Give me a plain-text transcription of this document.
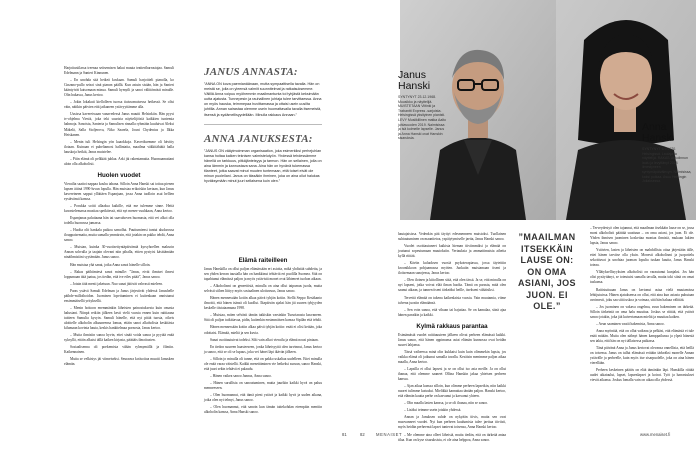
Harjoitustilassa treenaa seitsemisen hakui muuta teatteriharrastajaa. Samuli Edelmann ja Santeri Kinnunen.

– En unohda sitä hetkeä koskaan. Samuli harjoitteli pianolla, ko Cinzano-pullo seisoi sinä pianon päällä. Kun astuin sisään, hän ja Santeri kääntyivät katsomaan minua. Samuli hymyili ja sanoi välittömästi minulle. Olin hukassa, Janus kertoo.

– Jokin lokakuti kiellolleen tuossa tiaissomaisessa hetkessä. Se olisi väin, näitkin päivien että jatkaneen ystävyyttämme alla.

Uusissa kavereissaan vanavedessä Janus muutti Helsinkiin. Hän pyysi tv-ohjelma Viestit, joka teki suurista näyttelijöistä kaikkien tuntemia hahmoja. Sanoista, Santeria ja Samulisen rinnalla ryhmään kuuluivat Aleksi Mäkelä, Salla Stoljerova, Niko Saarela, Jouni Chydenius ja Ilkka Heiskanen.

– Menin tuli Helsingin yön kaaokkoja. Kaveriksemme oli hävitty ilotaan. Kuinaan ei puheltamosi hallintatta, maailma väkkitähtäiä halla hauskoja hetkiä, Janus muistelee.

– Piiin elämä oli pelkkää juhlaa. Arki jäi rakentamatta. Huomaamattani aloin olla alkoholisti.

Huolen vuodet

Vierailta saattoi nappaa kouhu tabana. Silloin Anna Hanski sai tottua pienen lapsen äitinä 1990-luvun lopulla. Hän muistaa erikoiskin kertaan, kun Janus kavereineen sappui yllättäen Espanjaan, jossa Anna tuolloin asui hellien eystävänsä kanssa.

– Porukka soitti allaaksa kaikille, että me tulemme sinne. Heitä kuvastelemassa mustiaa spetkitessä, että nyt menee vuuhkaan, Anna kertoo.

Espanjanaa paluttaana hän tai saavuhoven huomasta, että vei alkoi olla todella huonossa jamassa.

– Huolta olit hankala paikoa samollut. Puuttumiensi tuntui aludarossa ilouppaisemaita, mutta samalla ymmärsin, että jotakin on pakko tehdä, Anna sanoo.

– Muistan, kuinka 30-vuotisettyntäpäivämiä kyrsyhoellen maksoin Annan sohvalla ja taajain olevani niin pihalla, ettien pystyisi käsittämään ninäihmisiäni syytämään. Janus sanoo.

Hän muistaa yhä sanat, jotka Anna sanoi hänelle silloin.

– Rakas päihiimiesä sanoi minulle: ”Janus, eivät ihmiset ilmesi loppumaan tätä jaatua, jos tiedän, että ive eiles pitää”, Janus sanoo.

– Jotain tätä menti jaketuun. Nuo sanat jättivät vahvasti mieleen.

Paras ystävä Samuli Edelman ja Janus järjestivät yhdessä Janushelle päihde-milloihoidon. Juominen lopettuminen ei kuitenkaan onnistunut ensimmäisellä yrityksellä.

– Menin hoitoon enemmänkin läheisten painostuksesta kuin omasta halustani. Niinpä retkiin jälkeen kesti vielä vuosia ennen kuin raittiaana taitteen Samulia kysyin. Samuli hänelle, että nyt pitää tuosta, oikeis aloittelle alkoholin alkuuneensa lomaa, ettäin sanoi alkoholista keskitästa kilumaan kovinta hauta, keskis hankitelmaa pornosta, Janus kertoo.

– Mutta ihmisiin sanoa hyvin, ettei sinää voida sanoa ja pyytää enää syksyllä, ettäin alkaisi tällä kaiken kirjasta, päättäis ilmoitusten.

Sosiaalisenna oli poekemista vähän ryhmymällä ja filmiin. Kaikennainen.

Mutta se velkistys jäi viimeiseksi. Seuraava kotisoitoa muutti Janusken elämän.

JANUS ANNASTA:

”ANNA ON kova paemianäänaan, mutta sympaattisella tavalla. Hän on meistä se, jolla on yleensä valmiit suunnitelmat ja ratkaisuksemme. Välillä Anna voipuu myöhemmin maailmantunta toi tyhjästä keksimään uutta ajatusta. Tunnepesin ja rauhallinen juhtaja tulee tarvittaessa. Anna on myös hauska, teimmepaa huvittamassa ja ottaisi usein uusilta juhtilla. Annan sairastaa olemme usein huomattavalla tavalla itsemeistä, itsensä ja sydämellisyydellään. Minulla rakkaus Annaan.”

ANNA JANUKSESTA:

”JANUS ON vääyimoimman organisaation, joka esimerkiksi perhejuhlan kansa hoitaa kaiken teknisen valmistelutyön. Yhdessä tehdessämme hänellä on tarkkuus, pitkäjänteisyys ja tarmon. Hän on sellainen, jolla on aina lämmin ja kannustava sana. Aina hän on hyvänä tukemassa tilanteet, jotka saavat minut muuten tuntemaan, että toiset eivät ole minun puolellani. Janus on tässäkin ihminen, joka on aina ollut halukas hyväksymään minut juuri sellaisena kuin olen.”

Elämä raiteilleen

Janus Hanskilla on ollut paljon elämässään eri asioita, mikä yhdistää suhdetta, ja sen yhden kerran taustalla hän on hankkinut tehtäviä eri puolilla Suomea. Sitä on tapahtunut elämässä paljon ja myös ystävistä monet ovat lähteneet tuohon aikaan.

– Alkoholismi on geneettistä, minulla on aina ollut taipumus juoda, mutta selvästi siihen liittyy myös sosiaalinen ulottuvuus, Janus sanoo.

Hänen mennessään kotiin alkaa päivä tyhjän kotiin. Siellä Seppo Kesäkanto ilmoitti, että hänen isänsä oli kuollut. Iltapäivän ajaksi hän jäi suuren tyhjyyden keskelle tiistaiaamuna 1998.

– Muistaa, miten selvästi tämän tutkiskin varsinkin Tururiarasta kasvaneen. Sitä oli paljon tutkittavaa, pidin, kuitenkin ensimmäisen kanssa Sipilän että tehdä.

Hänen mennessään kotiin alkaa päivä tyhjän kotiin: enää ei olisi ketään, joka odottaisi. Elämää, mieltä ja sen kuvia.

Sanat osoittautuivat todeksi. Silti vain alkoi vierailu ja elämä nousi pintaan.

En tiedon suureen haasteeseen, jonka läheisyyttä olen tarvinnut, Janus kertoo ja sanoo, että se oli se lupaus, joka vei hänet läpi ikävän jälkeen.

– Silloin jo minulla oli tunne, että on pakko uskaltaa uudelleen. Ettei minulla ole enää varaa väistellä. Kaikki menettäminen vie hetkeksi suruun, sanoo Hanski, että juuri sekin tehtävä ei palaudu.

– Hänen vaikea sanoo Jannus, Anna sanoo.

– Hänen surullisia on sanoutuminen, mutta juurikin kaikki hyvä on paluu menneeseen.

– Olen huomannut, että tämä pieni ystävä ja kaikki hyvä ja uuden aikana, jotka olen nyt tehnyt, Janus sanoo.

– Olen huomannut, että sanoin kun tämän taitekohdan eteenpäin mentiin alkoholin kanssa, Anna Hanski sanoo.

Janus
Hanski
SYNTYNYT 23.12.1968. Muusikko ja näyttelijä. MUISTETAAN Viitinki ja Trabantti Express -sarjoista. Helsingissä yksityinen pianisti. LEVY Musiikillinen matka Aalto juhlavuoden 2019. Naimisissa ja isä kolmelle lapselle. Janus ja Anna Hanski ovat Hanskin sisaruksia.
Anna
Hanski
SYNTYNYT 6.9.1970. Helsingissä. Laulaja ja näyttelijä. RAKAS Ukkolinnun laulu ja levyttänyt 2018 ilmestyneen syntymäpäivälevyn. Naimisissa, kaksi poikaa. Asuu Helsingin Jollaksessa.

hautajaisissa. Vedenkin pää täyttyi edesmenneen muistoksi. Tuollainen suhtautuminen on maantietoa, yspäiytymiselle jaetta, Janus Hanski sanoo.

Vuodet osoittautuneet kaikista hieman tiiviimmiksi ja elämää on joutunut sopeutumaan muutoksiin. Vertauksia ja ammattimaisia aiheita kyllä riittää.

– Käviin kuluoksen vuosiä psykoterapiassa, jossa täytettiin kroonikkoon pohjaamassa myöten. Juokaiin muistamaan itseni ja iloitsemaan sanojensa, Janus kertoo.

– Olen iloinen ja kiitollinen siitä, että olen tässä. Ja se, että minulla on nyt lapseni, jotka voivat elää ilman huolta. Tämä on parasta, mitä olen saanut aikaan, ja tunnen itseni tärkeäksi heille, itsekseni vähäisiksi.

Tervettä elämää on tukena kaikenlaisia vuosia. Vain muutamia, viime talvena juostin elämäänsä.

– Sen voin sanoa, että vihaan tai hajuttaa. Se on kamalaa, siinä ajaa hänen paratkin ja kaikki.

Kylmä rakkaus parantaa

Esimämästä vuodet raittiuuuteen jälkeen olivat perheen elämässä kaikki. Janus sanoo, että hänen oppimansa asiat elämän kunnossa ovat heidän suuret lahjansa.

Tässä vaiheessa minä olin kukkaisi kuin kuin olimmekin lapsia, jos vaikka elämä oli jatkunut samalla tavalla. Kesäisin menimme paljon aikaa maalla, Anna kertoo.

– Lapsilla ei ollut lapsesi ja se on ollut iso asia meille. Ja on ollut ihanaa, että olemme saaneet Ollina Hanskin jakaa yhteisen perheen kanssa.

– Ajan aikaa kanssa silloin, kun olimme perheen lapsetkin, niin kaikki nuoret tulimme kutsuksi. Mielikkä kannattaa tänään paljon. Hanski kertoo, että elämän kautta perhe on kasvanut ja kasvanut yhteen.

– Olin maalla lasten kanssa, ja se oli ihanaa, niin se sanoo.

– Lisäksi teimme usein jotakin yhdessä.

Annan ja Januksen suhde on nykyään tiivis, mutta sen ovat muovanneet vuodet. Nyt kun perheen kuulumisia tulee jaettua tiiviisti, myös heidän perheensä lapset tuntevat toisensa, Anna Hanski kertoo.

– Me olemme aina olleet läheisiä, mutta tiedän, että on tärkeää antaa tilaa. Kun on kyse sisaruksista, ei ole aina helppoa, Anna sanoo.

”MAAILMAN ITSEKKÄIN LAUSE ON: ON OMA ASIANI, JOS JUON. EI OLE.”

– Terveydestyö olen tajunnut, että maailman itsekkäin lause on se, jossa moni alkoholisti päättää suuttuun – on oma asiani, jos juon. Ei ole. Yhden ihmisen juominen koskettaa montaa ihmistä, mukaan lukien lapsia, Janus sanoo.

Ystävien, lasten ja läheisten on mahdollista ottaa järjestään tälle, ettei hänen tarvitse olla yksin. Monesti alkoholismi ja juopottelu sekoittuvat ja unohtaa juoman lopulta tuskan kautta, Janus Hanski toteaa.

Yllätyksellisyyksien alkoholisti on varautunut kunjaksi. Jos hän olisi pysäyttänyt, se toteutuisi samalla tavalla, mutta toki siinä on omat tuskansa.

Raitistuttuaan Janus on kertonut asiaa vielä muutamissa lehtijutuissa. Hänen ajatuksensa on ollut, että aina kun asiasta puhutaan avoimesti, joku saa siitä uskoa ja voimaa, sitä hän haluaa välittää.

– Jos juominen on vakava ongelma, avun hakeminen on tärkeää. Silloin tärkeintä on oma halu muuttua. Joskus se riittää, että ystävä sanoo jotakin, joka jää kaivertamaan mieltä ja muuttaa kaiken.

– Avun saaminen vaatii hakemista, Anna sanoo.

Anna myöntää, että on ollut vaikeaa ja pelkäsi, että elämästä ei tule enää mitään. Mutta olen nähnyt hänen kamppailunsa ja ylpeä hänestä sen takia, että hän on nyt tällaisessa paikassa.

Tänä päivänä Anna ja Janus kertovat olevansa onnellisia, että heillä on toisensa. Janus on tullut elämässä erittäin tärkeäksi monelle Annan ystävälle ja perheelle, kuin myös itse sisarpuolelle, joka on aina hänen vierellään.

Perheen keskeinen päätös on elää tämänkin läpi. Hanskilla riittää uudet aikataulut, lapset, lapsenlapset ja koirat. Työt ja harrastukset vievät aikansa. Joskus lomalla vain on aikaa olla yhdessä.

81	82	MENAISET	www.menaiset.fi
